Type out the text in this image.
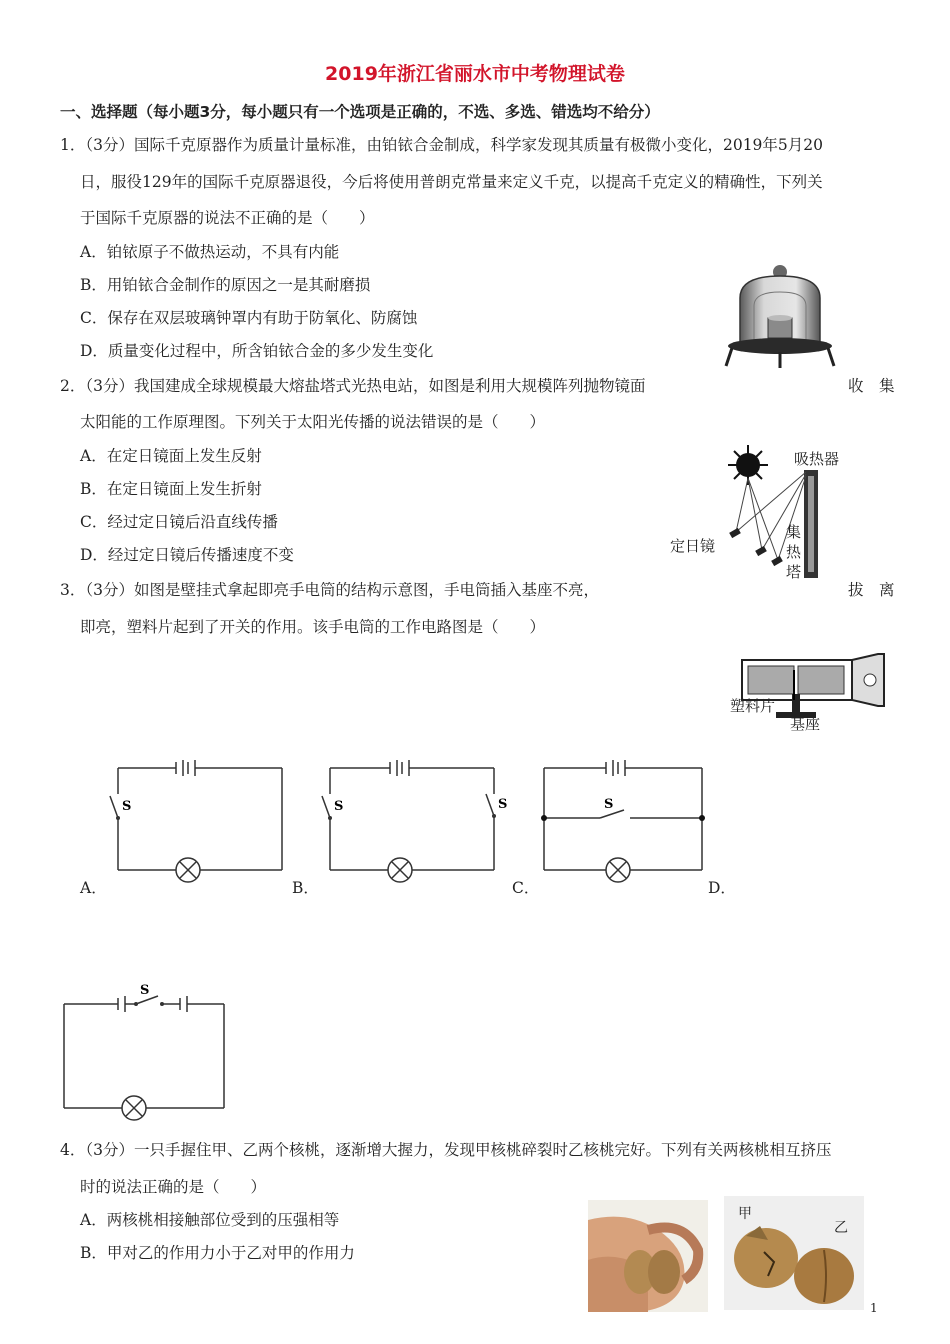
2019年浙江省丽水市中考物理试卷
一、选择题（每小题3分，每小题只有一个选项是正确的，不选、多选、错选均不给分）
1．（3分）国际千克原器作为质量计量标准，由铂铱合金制成，科学家发现其质量有极微小变化，2019年5月20
日，服役129年的国际千克原器退役，今后将使用普朗克常量来定义千克，以提高千克定义的精确性，下列关
于国际千克原器的说法不正确的是（　　）
A．铂铱原子不做热运动，不具有内能
B．用铂铱合金制作的原因之一是其耐磨损
C．保存在双层玻璃钟罩内有助于防氧化、防腐蚀
D．质量变化过程中，所含铂铱合金的多少发生变化
2．（3分）我国建成全球规模最大熔盐塔式光热电站，如图是利用大规模阵列抛物镜面	收　集
太阳能的工作原理图。下列关于太阳光传播的说法错误的是（　　）
A．在定日镜面上发生反射
B．在定日镜面上发生折射
C．经过定日镜后沿直线传播
D．经过定日镜后传播速度不变
吸热器
定日镜
集
热
塔
3．（3分）如图是壁挂式拿起即亮手电筒的结构示意图，手电筒插入基座不亮，	拔　离
即亮，塑料片起到了开关的作用。该手电筒的工作电路图是（　　）
塑料片
基座
S
A．
S	S
B．
S
C．	D．
S
4．（3分）一只手握住甲、乙两个核桃，逐渐增大握力，发现甲核桃碎裂时乙核桃完好。下列有关两核桃相互挤压
时的说法正确的是（　　）
A．两核桃相接触部位受到的压强相等
B．甲对乙的作用力小于乙对甲的作用力
甲
乙
1
